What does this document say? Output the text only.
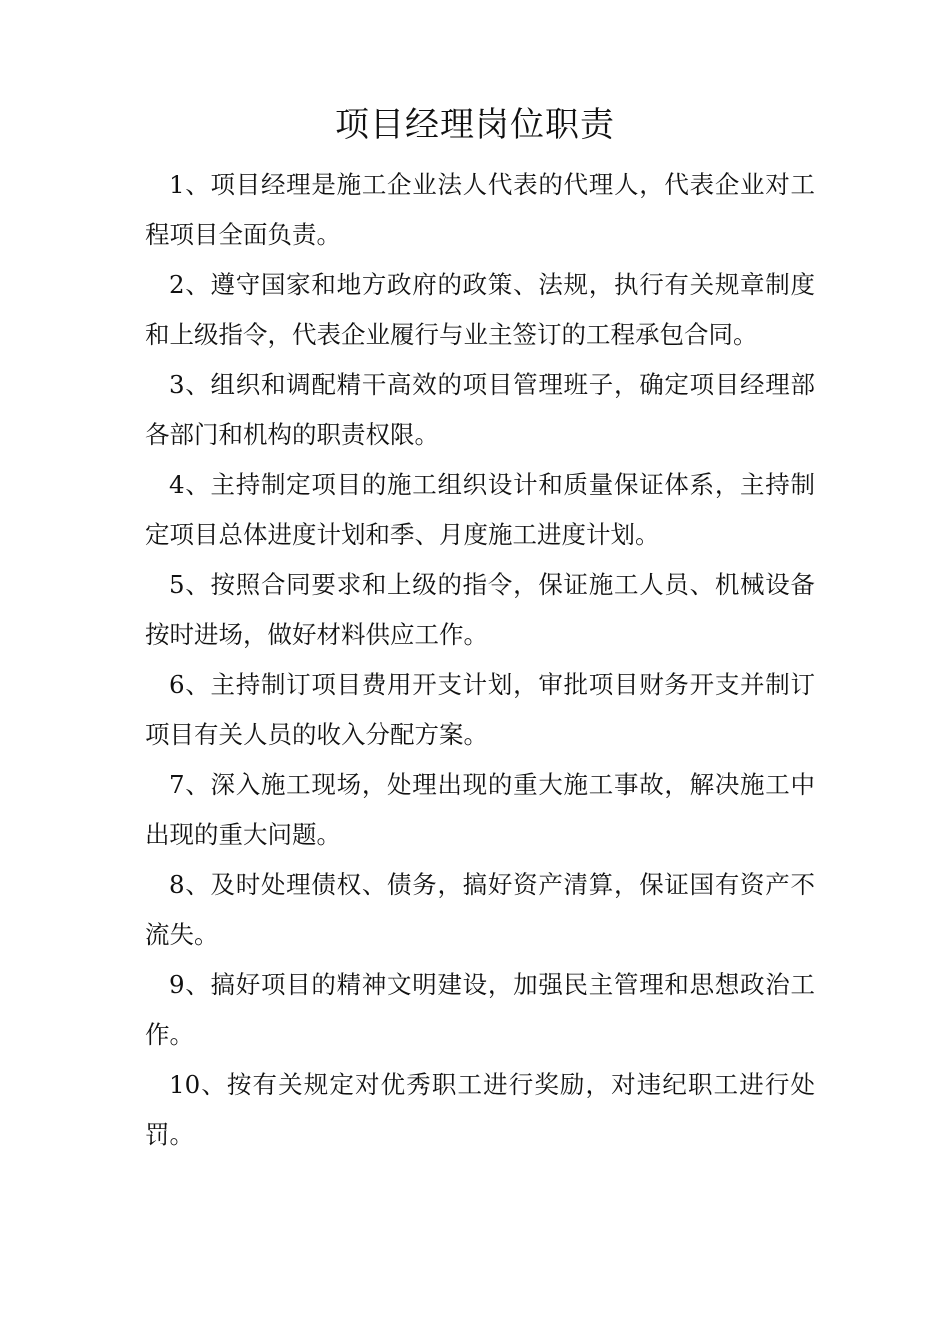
项目经理岗位职责
1、项目经理是施工企业法人代表的代理人，代表企业对工程项目全面负责。
2、遵守国家和地方政府的政策、法规，执行有关规章制度和上级指令，代表企业履行与业主签订的工程承包合同。
3、组织和调配精干高效的项目管理班子，确定项目经理部各部门和机构的职责权限。
4、主持制定项目的施工组织设计和质量保证体系，主持制定项目总体进度计划和季、月度施工进度计划。
5、按照合同要求和上级的指令，保证施工人员、机械设备按时进场，做好材料供应工作。
6、主持制订项目费用开支计划，审批项目财务开支并制订项目有关人员的收入分配方案。
7、深入施工现场，处理出现的重大施工事故，解决施工中出现的重大问题。
8、及时处理债权、债务，搞好资产清算，保证国有资产不流失。
9、搞好项目的精神文明建设，加强民主管理和思想政治工作。
10、按有关规定对优秀职工进行奖励，对违纪职工进行处罚。
